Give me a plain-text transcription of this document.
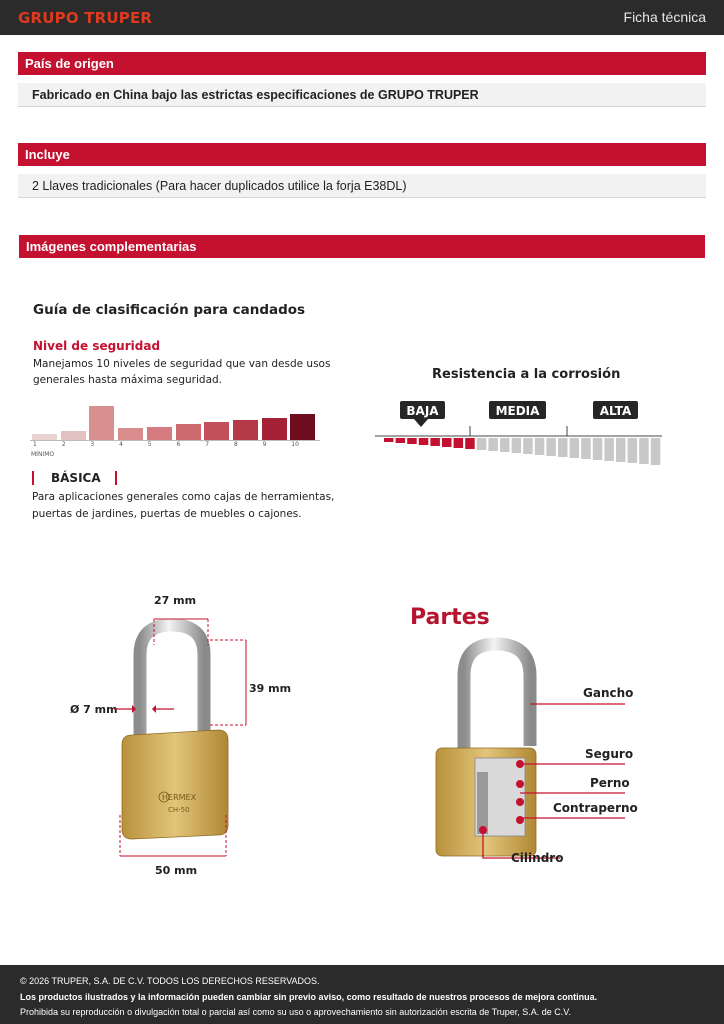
GRUPO TRUPER	Ficha técnica
País de origen
Fabricado en China bajo las estrictas especificaciones de GRUPO TRUPER
Incluye
2 Llaves tradicionales (Para hacer duplicados utilice la forja E38DL)
Imágenes complementarias
Guía de clasificación para candados
Nivel de seguridad
Manejamos 10 niveles de seguridad que van desde usos
generales hasta máxima seguridad.
1	2	3	4	5	6	7	8	9	10
MÍNIMO
BÁSICA
Para aplicaciones generales como cajas de herramientas,
puertas de jardines, puertas de muebles o cajones.
Resistencia a la corrosión
BAJA	MEDIA	ALTA
HERMEX
CH-50
27 mm
39 mm
Ø 7 mm
50 mm
Partes
Gancho
Seguro
Perno
Contraperno
Cilindro
© 2026 TRUPER, S.A. DE C.V. TODOS LOS DERECHOS RESERVADOS.
Los productos ilustrados y la información pueden cambiar sin previo aviso, como resultado de nuestros procesos de mejora continua.
Prohibida su reproducción o divulgación total o parcial así como su uso o aprovechamiento sin autorización escrita de Truper, S.A. de C.V.
